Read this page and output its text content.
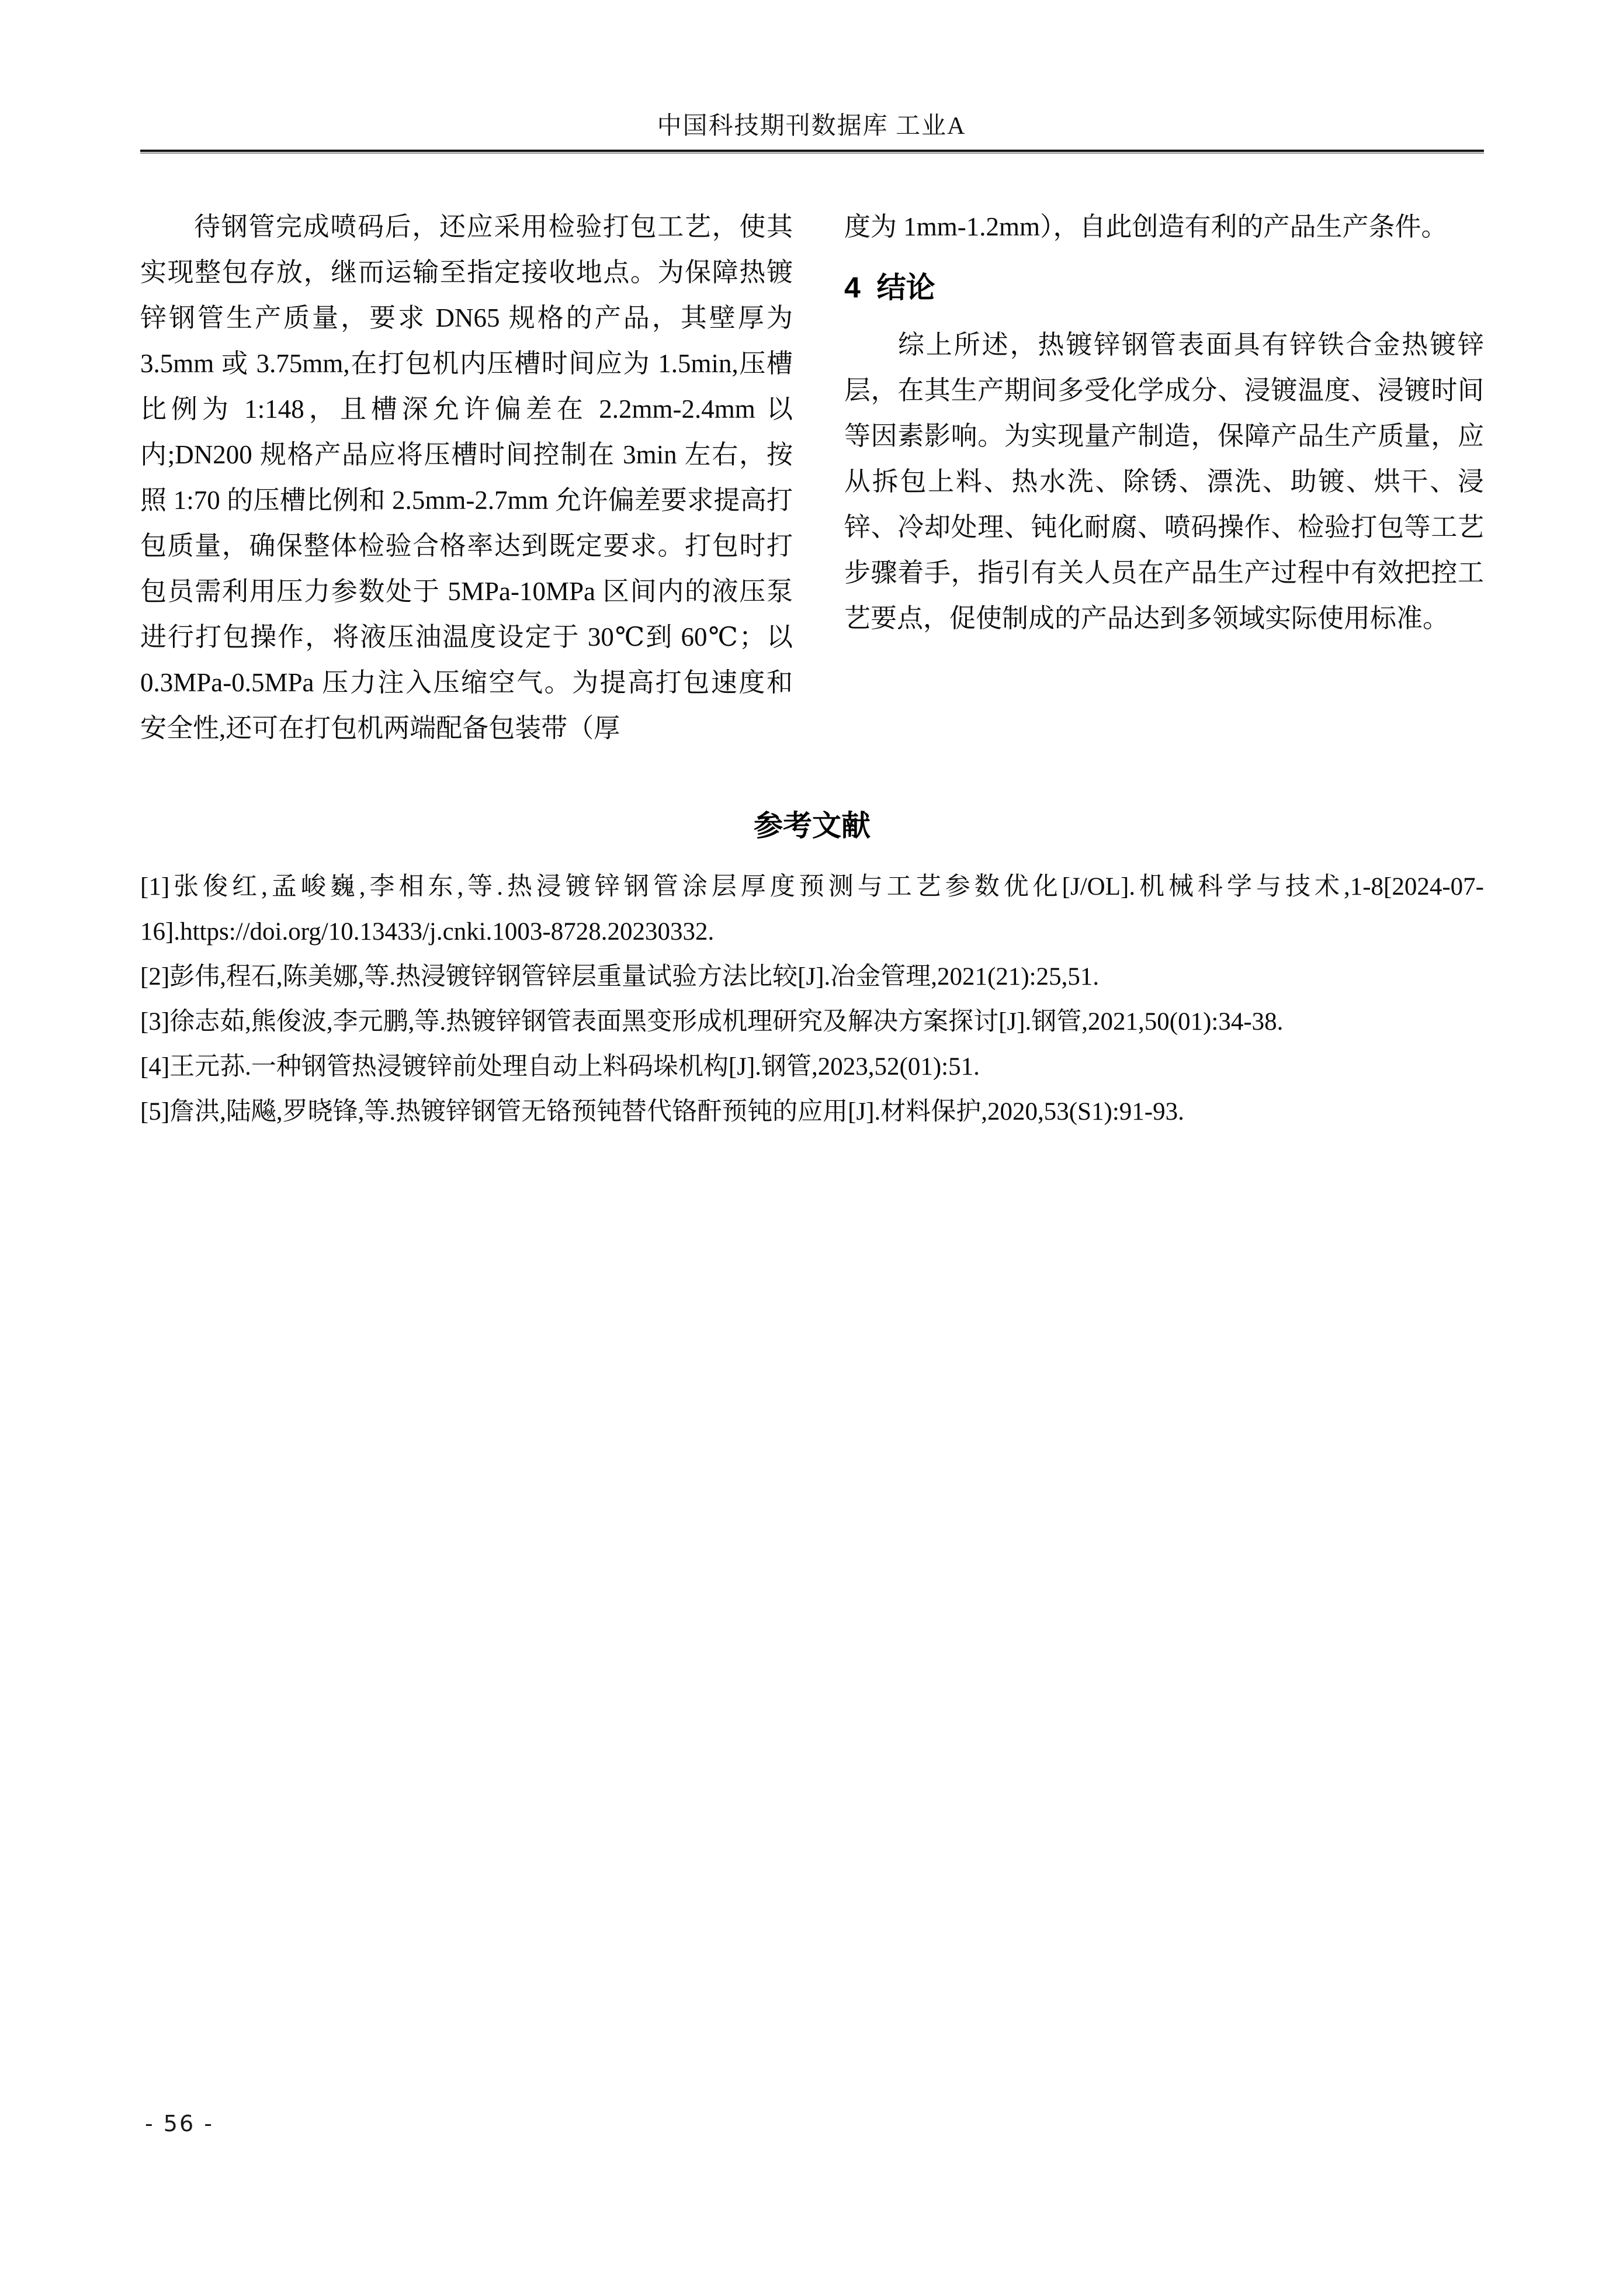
中国科技期刊数据库 工业A

待钢管完成喷码后，还应采用检验打包工艺，使其实现整包存放，继而运输至指定接收地点。为保障热镀锌钢管生产质量，要求 DN65 规格的产品，其壁厚为 3.5mm 或 3.75mm,在打包机内压槽时间应为 1.5min,压槽比例为 1:148，且槽深允许偏差在 2.2mm-2.4mm 以内;DN200 规格产品应将压槽时间控制在 3min 左右，按照 1:70 的压槽比例和 2.5mm-2.7mm 允许偏差要求提高打包质量，确保整体检验合格率达到既定要求。打包时打包员需利用压力参数处于 5MPa-10MPa 区间内的液压泵进行打包操作，将液压油温度设定于 30℃到 60℃；以 0.3MPa-0.5MPa 压力注入压缩空气。为提高打包速度和安全性,还可在打包机两端配备包装带（厚

度为 1mm-1.2mm），自此创造有利的产品生产条件。

4  结论

综上所述，热镀锌钢管表面具有锌铁合金热镀锌层，在其生产期间多受化学成分、浸镀温度、浸镀时间等因素影响。为实现量产制造，保障产品生产质量，应从拆包上料、热水洗、除锈、漂洗、助镀、烘干、浸锌、冷却处理、钝化耐腐、喷码操作、检验打包等工艺步骤着手，指引有关人员在产品生产过程中有效把控工艺要点，促使制成的产品达到多领域实际使用标准。

参考文献

[1]张俊红,孟峻巍,李相东,等.热浸镀锌钢管涂层厚度预测与工艺参数优化[J/OL].机械科学与技术,1-8[2024-07-16].https://doi.org/10.13433/j.cnki.1003-8728.20230332.

[2]彭伟,程石,陈美娜,等.热浸镀锌钢管锌层重量试验方法比较[J].冶金管理,2021(21):25,51.

[3]徐志茹,熊俊波,李元鹏,等.热镀锌钢管表面黑变形成机理研究及解决方案探讨[J].钢管,2021,50(01):34-38.

[4]王元荪.一种钢管热浸镀锌前处理自动上料码垛机构[J].钢管,2023,52(01):51.

[5]詹洪,陆飚,罗晓锋,等.热镀锌钢管无铬预钝替代铬酐预钝的应用[J].材料保护,2020,53(S1):91-93.

- 56 -
